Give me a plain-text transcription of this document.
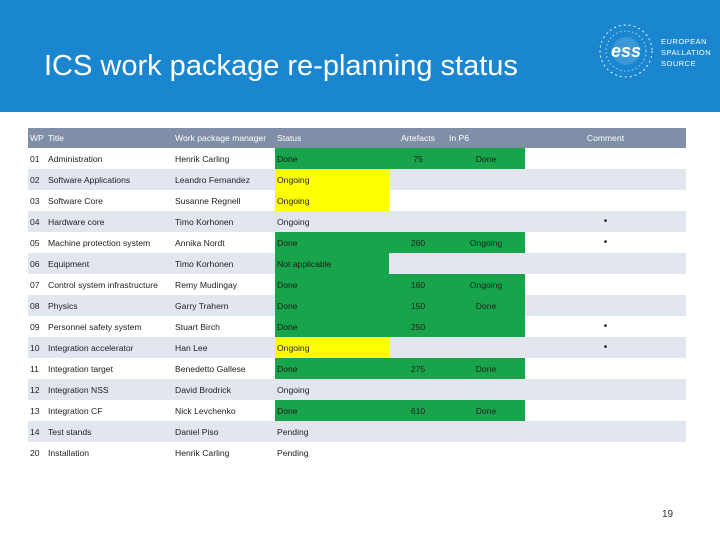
ICS work package re-planning status	ess	EUROPEAN
SPALLATION
SOURCE
WP	Title	Work package manager	Status	Artefacts	In P6	Comment
01	Administration	Henrik Carling	Done	75	Done	
02	Software Applications	Leandro Fernandez	Ongoing			
03	Software Core	Susanne Regnell	Ongoing			
04	Hardware core	Timo Korhonen	Ongoing			•
05	Machine protection system	Annika Nordt	Done	260	Ongoing	•
06	Equipment	Timo Korhonen	Not applicable			
07	Control system infrastructure	Remy Mudingay	Done	160	Ongoing	
08	Physics	Garry Trahern	Done	150	Done	
09	Personnel safety system	Stuart Birch	Done	250		•
10	Integration accelerator	Han Lee	Ongoing			•
11	Integration target	Benedetto Gallese	Done	275	Done	
12	Integration NSS	David Brodrick	Ongoing			
13	Integration CF	Nick Levchenko	Done	610	Done	
14	Test stands	Daniel Piso	Pending			
20	Installation	Henrik Carling	Pending			
19
